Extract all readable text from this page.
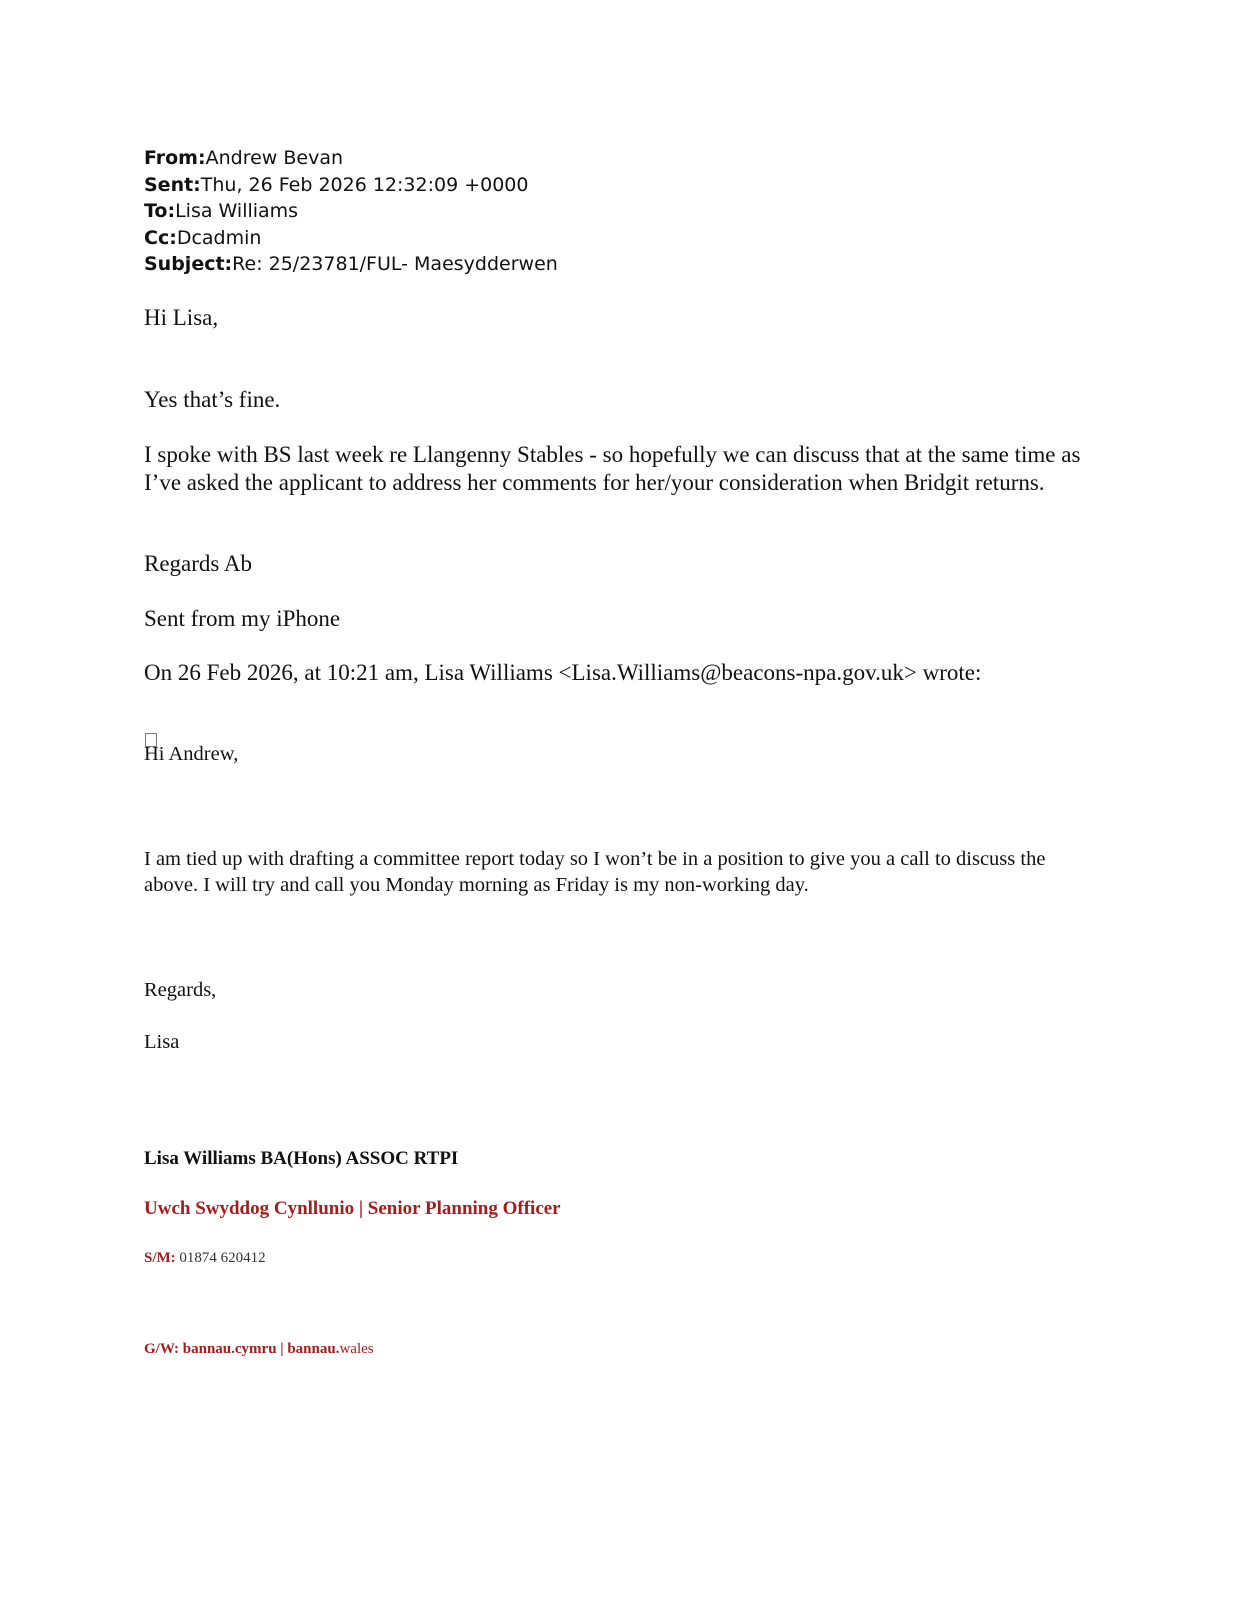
From:Andrew Bevan
Sent:Thu, 26 Feb 2026 12:32:09 +0000
To:Lisa Williams
Cc:Dcadmin
Subject:Re: 25/23781/FUL- Maesydderwen
Hi Lisa,
Yes that’s fine.
I spoke with BS last week re Llangenny Stables - so hopefully we can discuss that at the same time as I’ve asked the applicant to address her comments for her/your consideration when Bridgit returns.
Regards Ab
Sent from my iPhone
On 26 Feb 2026, at 10:21 am, Lisa Williams <Lisa.Williams@beacons-npa.gov.uk> wrote:
Hi Andrew,
I am tied up with drafting a committee report today so I won’t be in a position to give you a call to discuss the above. I will try and call you Monday morning as Friday is my non-working day.
Regards,
Lisa
Lisa Williams BA(Hons) ASSOC RTPI
Uwch Swyddog Cynllunio | Senior Planning Officer
S/M: 01874 620412
G/W: bannau.cymru | bannau.wales
